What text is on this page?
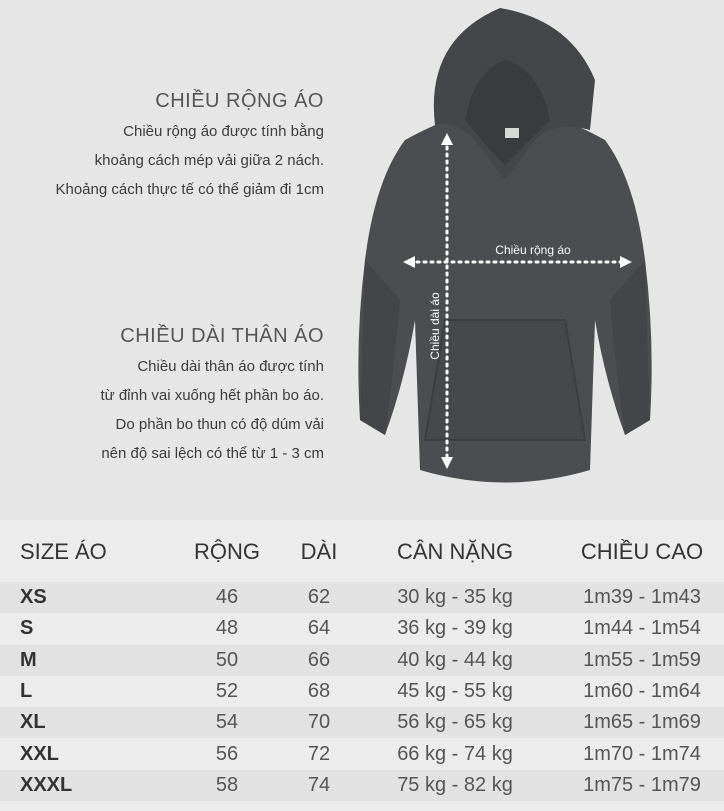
CHIỀU RỘNG ÁO
Chiều rộng áo được tính bằng
khoảng cách mép vải giữa 2 nách.
Khoảng cách thực tế có thể giảm đi 1cm
CHIỀU DÀI THÂN ÁO
Chiều dài thân áo được tính
từ đỉnh vai xuống hết phần bo áo.
Do phần bo thun có độ dúm vải
nên độ sai lệch có thể từ 1 - 3 cm
Chiều rộng áo
Chiều dài áo
SIZE ÁO	RỘNG	DÀI	CÂN NẶNG	CHIỀU CAO
XS	46	62	30 kg - 35 kg	1m39 - 1m43
S	48	64	36 kg - 39 kg	1m44 - 1m54
M	50	66	40 kg - 44 kg	1m55 - 1m59
L	52	68	45 kg - 55 kg	1m60 - 1m64
XL	54	70	56 kg - 65 kg	1m65 - 1m69
XXL	56	72	66 kg - 74 kg	1m70 - 1m74
XXXL	58	74	75 kg - 82 kg	1m75 - 1m79
